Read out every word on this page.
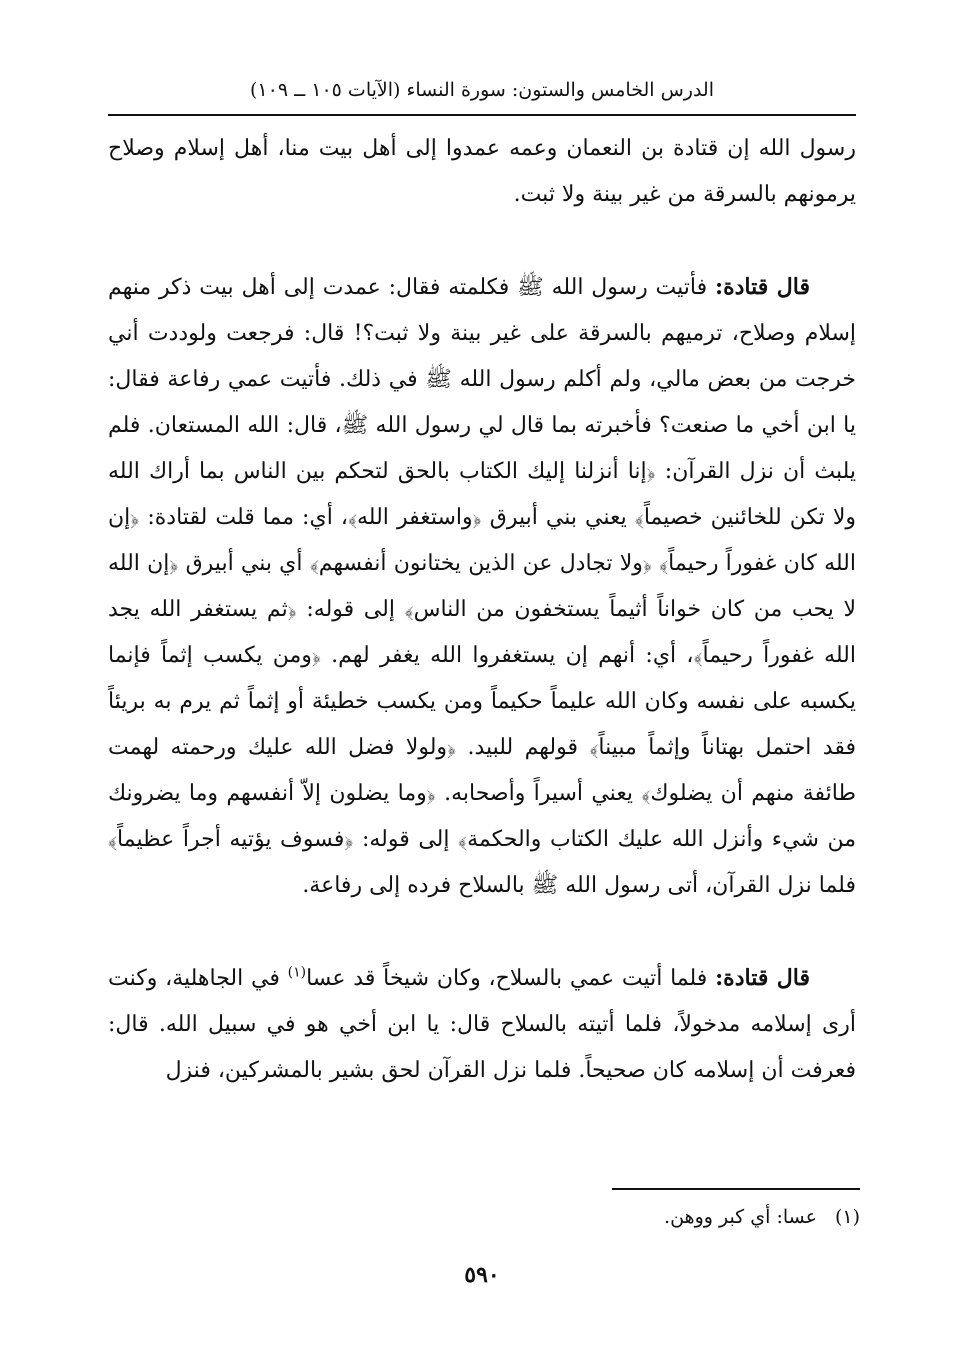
الدرس الخامس والستون: سورة النساء (الآيات ١٠٥ ــ ١٠٩)

رسول الله إن قتادة بن النعمان وعمه عمدوا إلى أهل بيت منا، أهل إسلام وصلاح يرمونهم بالسرقة من غير بينة ولا ثبت.

قال قتادة: فأتيت رسول الله ﷺ فكلمته فقال: عمدت إلى أهل بيت ذكر منهم إسلام وصلاح، ترميهم بالسرقة على غير بينة ولا ثبت؟! قال: فرجعت ولوددت أني خرجت من بعض مالي، ولم أكلم رسول الله ﷺ في ذلك. فأتيت عمي رفاعة فقال: يا ابن أخي ما صنعت؟ فأخبرته بما قال لي رسول الله ﷺ، قال: الله المستعان. فلم يلبث أن نزل القرآن: ﴿إنا أنزلنا إليك الكتاب بالحق لتحكم بين الناس بما أراك الله ولا تكن للخائنين خصيماً﴾ يعني بني أبيرق ﴿واستغفر الله﴾، أي: مما قلت لقتادة: ﴿إن الله كان غفوراً رحيماً﴾ ﴿ولا تجادل عن الذين يختانون أنفسهم﴾ أي بني أبيرق ﴿إن الله لا يحب من كان خواناً أثيماً يستخفون من الناس﴾ إلى قوله: ﴿ثم يستغفر الله يجد الله غفوراً رحيماً﴾، أي: أنهم إن يستغفروا الله يغفر لهم. ﴿ومن يكسب إثماً فإنما يكسبه على نفسه وكان الله عليماً حكيماً ومن يكسب خطيئة أو إثماً ثم يرم به بريئاً فقد احتمل بهتاناً وإثماً مبيناً﴾ قولهم للبيد. ﴿ولولا فضل الله عليك ورحمته لهمت طائفة منهم أن يضلوك﴾ يعني أسيراً وأصحابه. ﴿وما يضلون إلاّ أنفسهم وما يضرونك من شيء وأنزل الله عليك الكتاب والحكمة﴾ إلى قوله: ﴿فسوف يؤتيه أجراً عظيماً﴾ فلما نزل القرآن، أتى رسول الله ﷺ بالسلاح فرده إلى رفاعة.

قال قتادة: فلما أتيت عمي بالسلاح، وكان شيخاً قد عسا$^{(١)}$ في الجاهلية، وكنت أرى إسلامه مدخولاً، فلما أتيته بالسلاح قال: يا ابن أخي هو في سبيل الله. قال: فعرفت أن إسلامه كان صحيحاً. فلما نزل القرآن لحق بشير بالمشركين، فنزل

(١)عسا: أي كبر ووهن.
٥٩٠
